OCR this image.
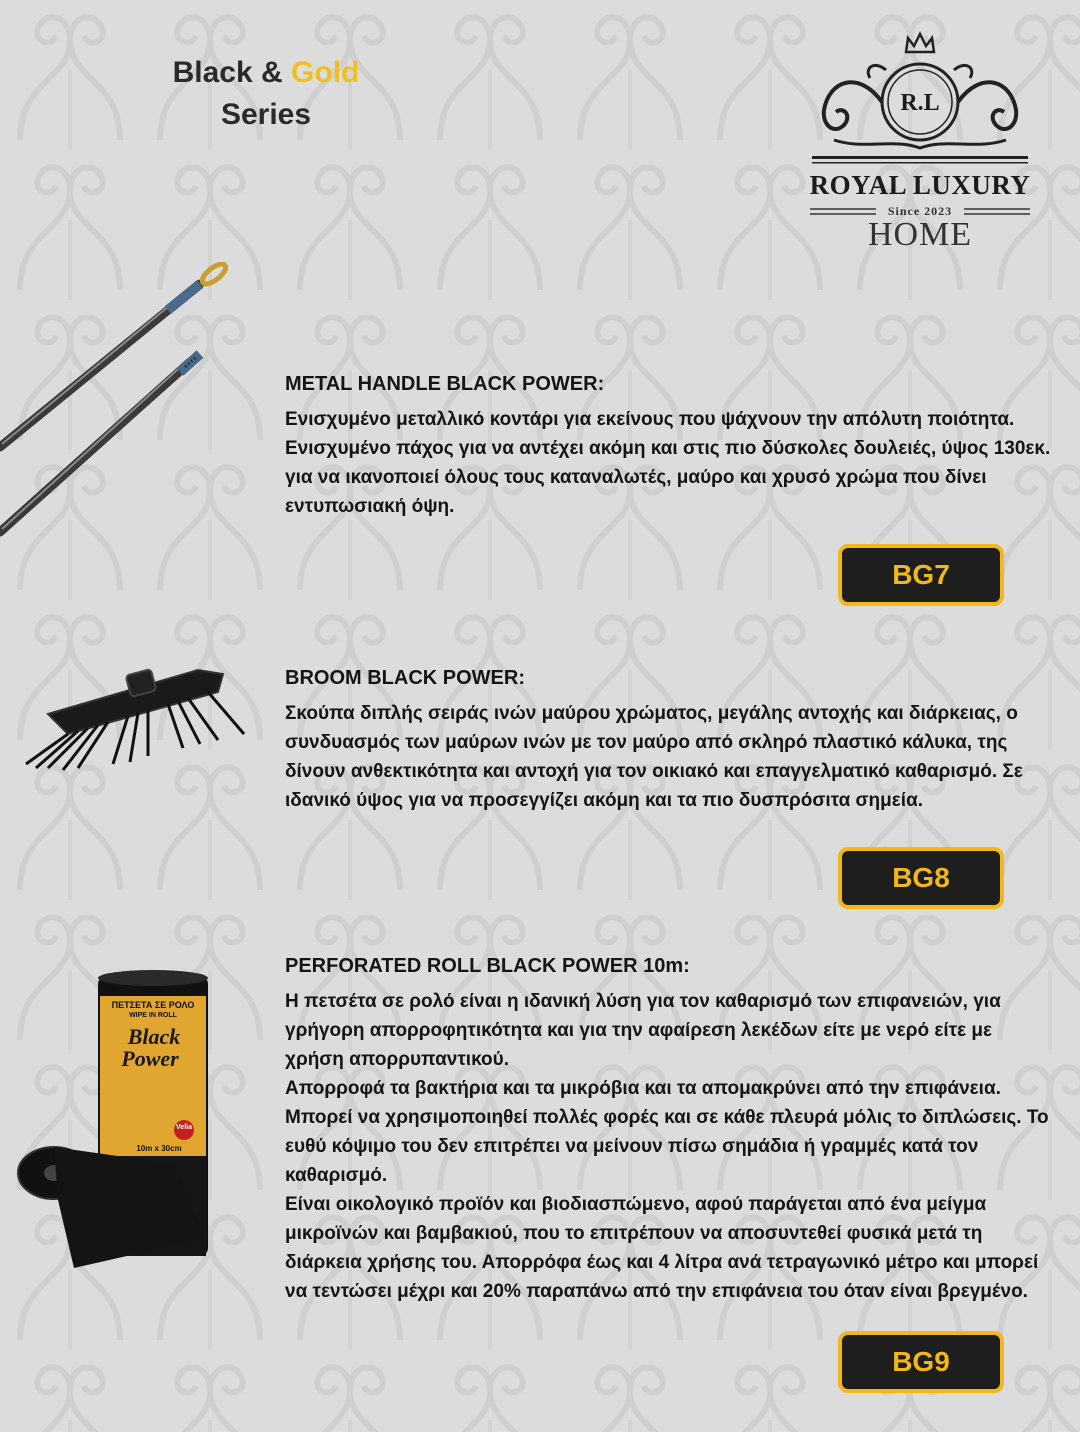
Black & Gold
Series	R.L
ROYAL LUXURY
Since 2023
HOME

METAL HANDLE BLACK POWER:

Ενισχυμένο μεταλλικό κοντάρι για εκείνους που ψάχνουν την απόλυτη ποιότητα. Ενισχυμένο πάχος για να αντέχει ακόμη και στις πιο δύσκολες δουλειές, ύψος 130εκ. για να ικανοποιεί όλους τους καταναλωτές, μαύρο και χρυσό χρώμα που δίνει εντυπωσιακή όψη.

BG7

BROOM BLACK POWER:

Σκούπα διπλής σειράς ινών μαύρου χρώματος, μεγάλης αντοχής και διάρκειας, ο συνδυασμός των μαύρων ινών με τον μαύρο από σκληρό πλαστικό κάλυκα, της δίνουν ανθεκτικότητα και αντοχή για τον οικιακό και επαγγελματικό καθαρισμό. Σε ιδανικό ύψος για να προσεγγίζει ακόμη και τα πιο δυσπρόσιτα σημεία.

BG8
ΠΕΤΣΕΤΑ ΣΕ ΡΟΛΟ
WIPE IN ROLL
Black
Power
Velia
10m x 30cm

PERFORATED ROLL BLACK POWER 10m:

Η πετσέτα σε ρολό είναι η ιδανική λύση για τον καθαρισμό των επιφανειών, για γρήγορη απορροφητικότητα και για την αφαίρεση λεκέδων είτε με νερό είτε με χρήση απορρυπαντικού.

Απορροφά τα βακτήρια και τα μικρόβια και τα απομακρύνει από την επιφάνεια. Μπορεί να χρησιμοποιηθεί πολλές φορές και σε κάθε πλευρά μόλις το διπλώσεις. Το ευθύ κόψιμο του δεν επιτρέπει να μείνουν πίσω σημάδια ή γραμμές κατά τον καθαρισμό.

Είναι οικολογικό προϊόν και βιοδιασπώμενο, αφού παράγεται από ένα μείγμα μικροϊνών και βαμβακιού, που το επιτρέπουν να αποσυντεθεί φυσικά μετά τη διάρκεια χρήσης του. Απορρόφα έως και 4 λίτρα ανά τετραγωνικό μέτρο και μπορεί να τεντώσει μέχρι και 20% παραπάνω από την επιφάνεια του όταν είναι βρεγμένο.

BG9
